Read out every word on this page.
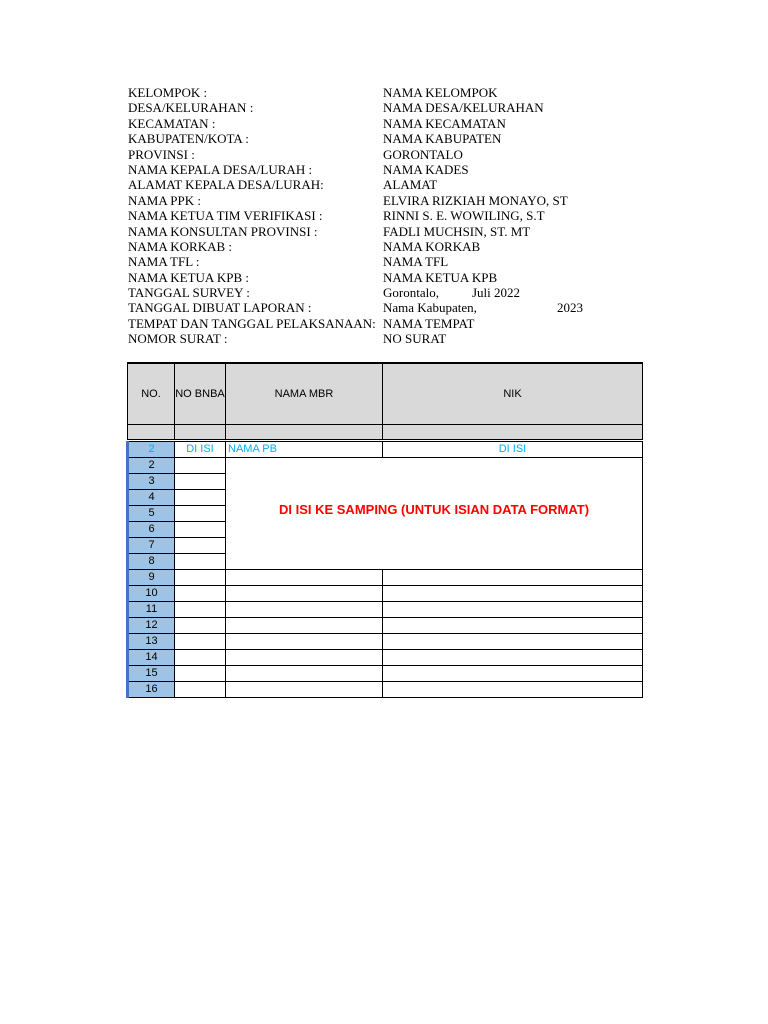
KELOMPOK :	NAMA KELOMPOK
DESA/KELURAHAN :	NAMA DESA/KELURAHAN
KECAMATAN :	NAMA KECAMATAN
KABUPATEN/KOTA :	NAMA KABUPATEN
PROVINSI :	GORONTALO
NAMA KEPALA DESA/LURAH :	NAMA KADES
ALAMAT KEPALA DESA/LURAH:	ALAMAT
NAMA PPK :	ELVIRA RIZKIAH MONAYO, ST
NAMA KETUA TIM VERIFIKASI :	RINNI S. E. WOWILING, S.T
NAMA KONSULTAN PROVINSI :	FADLI MUCHSIN, ST. MT
NAMA KORKAB :	NAMA KORKAB
NAMA TFL :	NAMA TFL
NAMA KETUA KPB :	NAMA KETUA KPB
TANGGAL SURVEY :	Gorontalo,	Juli 2022
TANGGAL DIBUAT LAPORAN :	Nama Kabupaten,	2023
TEMPAT DAN TANGGAL PELAKSANAAN: NAMA TEMPAT
NOMOR SURAT :	NO SURAT
NO.	NO BNBA	NAMA MBR	NIK

2	DI ISI	NAMA PB	DI ISI
2		DI ISI KE SAMPING (UNTUK ISIAN DATA FORMAT)	

3			
4			
5			
6			
7			
8			
9			
10			
11			
12			
13			
14			
15			
16			
